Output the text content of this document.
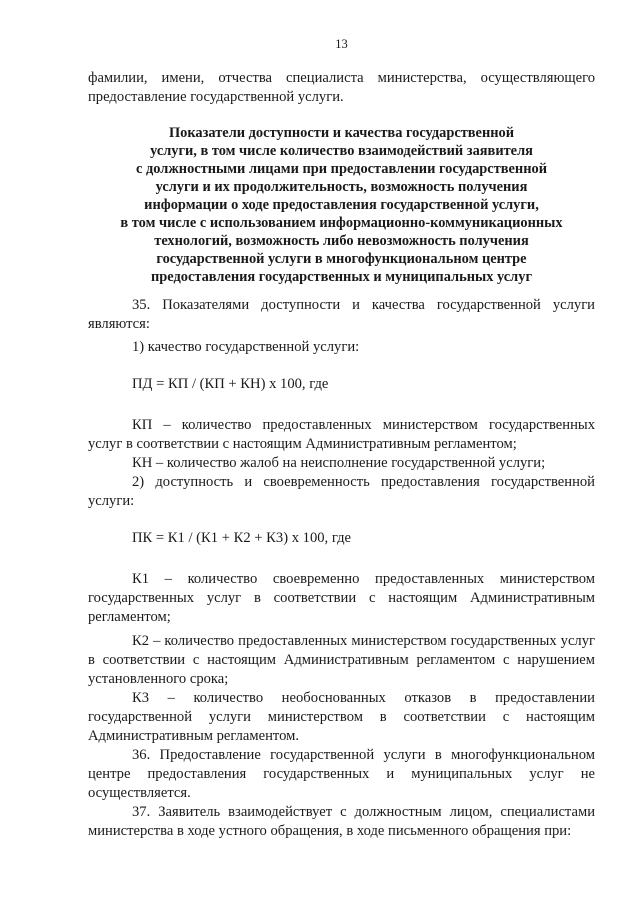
13
фамилии, имени, отчества специалиста министерства, осуществляющего
предоставление государственной услуги.
Показатели доступности и качества государственной
услуги, в том числе количество взаимодействий заявителя
с должностными лицами при предоставлении государственной
услуги и их продолжительность, возможность получения
информации о ходе предоставления государственной услуги,
в том числе с использованием информационно-коммуникационных
технологий, возможность либо невозможность получения
государственной услуги в многофункциональном центре
предоставления государственных и муниципальных услуг

35. Показателями доступности и качества государственной услуги являются:

1) качество государственной услуги:

ПД = КП / (КП + КН) х 100, где

КП – количество предоставленных министерством государственных услуг в соответствии с настоящим Административным регламентом;

КН – количество жалоб на неисполнение государственной услуги;

2) доступность и своевременность предоставления государственной услуги:

ПК = К1 / (К1 + К2 + К3) х 100, где

К1 – количество своевременно предоставленных министерством государственных услуг в соответствии с настоящим Административным регламентом;

К2 – количество предоставленных министерством государственных услуг в соответствии с настоящим Административным регламентом с нарушением установленного срока;

К3 – количество необоснованных отказов в предоставлении государственной услуги министерством в соответствии с настоящим Административным регламентом.

36. Предоставление государственной услуги в многофункциональном центре предоставления государственных и муниципальных услуг не осуществляется.

37. Заявитель взаимодействует с должностным лицом, специалистами министерства в ходе устного обращения, в ходе письменного обращения при:
